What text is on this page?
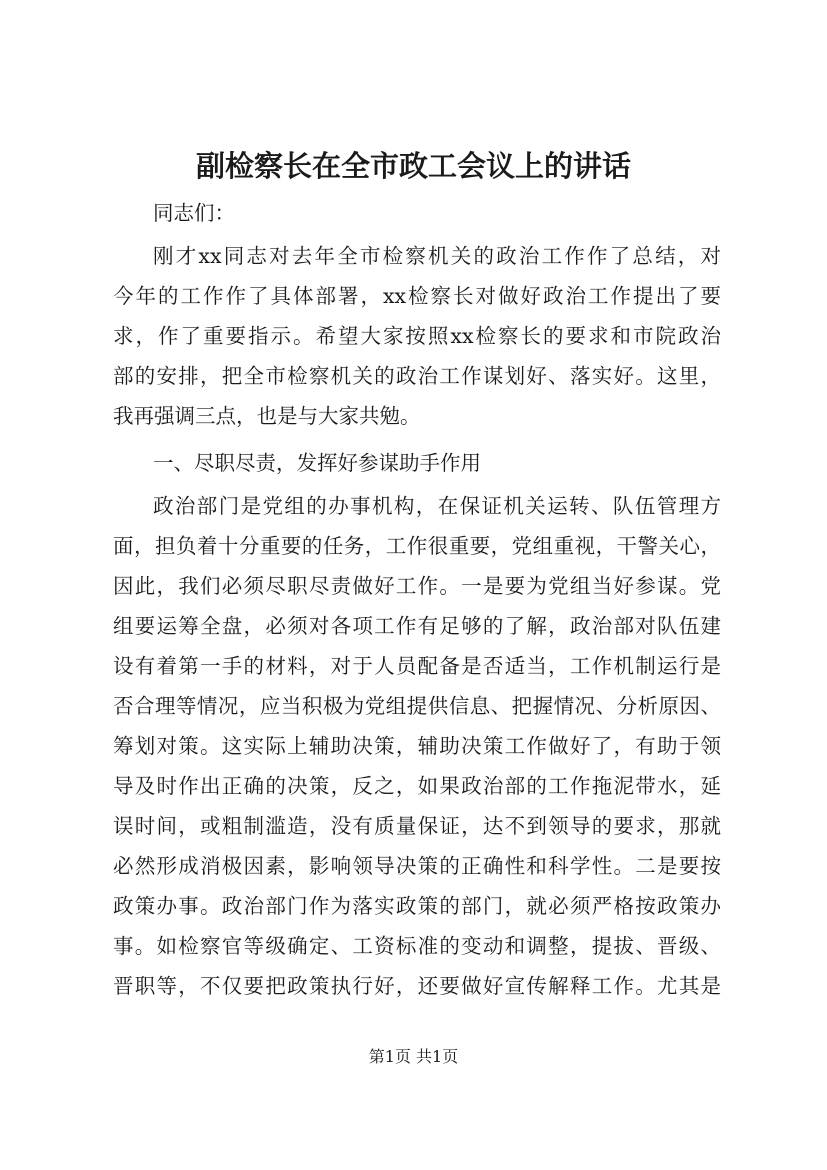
副检察长在全市政工会议上的讲话
同志们：
刚才xx同志对去年全市检察机关的政治工作作了总结，对
今年的工作作了具体部署，xx检察长对做好政治工作提出了要
求，作了重要指示。希望大家按照xx检察长的要求和市院政治
部的安排，把全市检察机关的政治工作谋划好、落实好。这里，
我再强调三点，也是与大家共勉。
一、尽职尽责，发挥好参谋助手作用
政治部门是党组的办事机构，在保证机关运转、队伍管理方
面，担负着十分重要的任务，工作很重要，党组重视，干警关心，
因此，我们必须尽职尽责做好工作。一是要为党组当好参谋。党
组要运筹全盘，必须对各项工作有足够的了解，政治部对队伍建
设有着第一手的材料，对于人员配备是否适当，工作机制运行是
否合理等情况，应当积极为党组提供信息、把握情况、分析原因、
筹划对策。这实际上辅助决策，辅助决策工作做好了，有助于领
导及时作出正确的决策，反之，如果政治部的工作拖泥带水，延
误时间，或粗制滥造，没有质量保证，达不到领导的要求，那就
必然形成消极因素，影响领导决策的正确性和科学性。二是要按
政策办事。政治部门作为落实政策的部门，就必须严格按政策办
事。如检察官等级确定、工资标准的变动和调整，提拔、晋级、
晋职等，不仅要把政策执行好，还要做好宣传解释工作。尤其是
第1页 共1页
